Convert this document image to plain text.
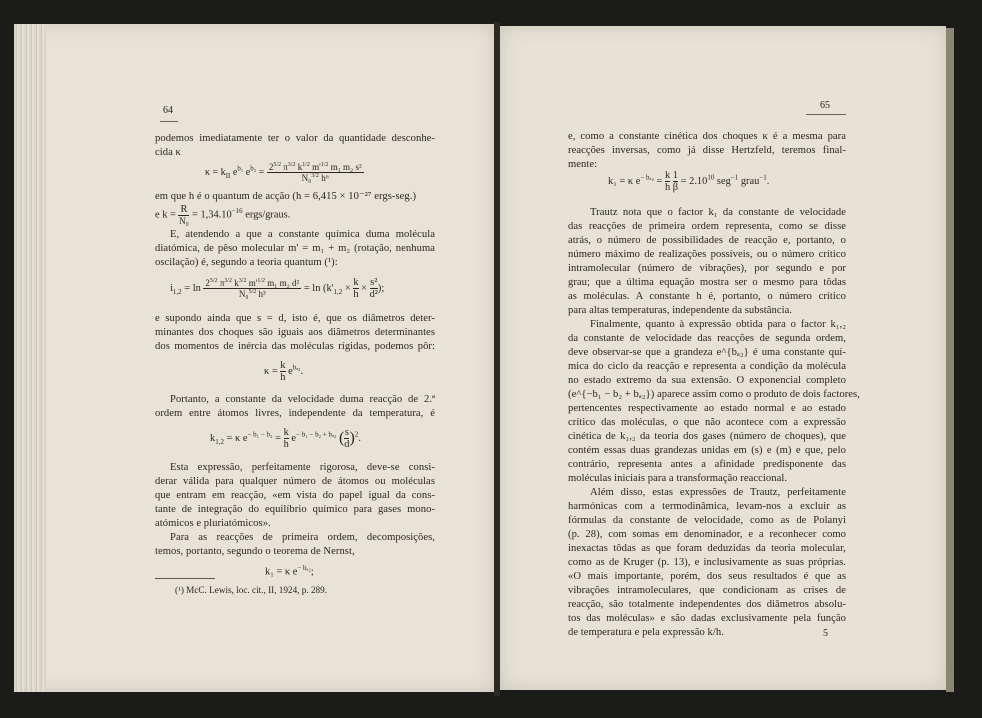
64
podemos imediatamente ter o valor da quantidade desconhe-
cida κ
$\kappa = k_{II}$ $e^{b_1}$ $e^{b_2} = \frac{2^{5/2} \pi^{3/2} k^{1/2} m'^{1/2} m_1 m_2 s^2}{N_0^{3/2} h^6}$
em que h é o quantum de acção (h = 6,415 × 10⁻²⁷ ergs-seg.)
e $k = \frac{R}{\text{N₀}} = 1,34.10^{-16}$ ergs/graus.
E, atendendo a que a constante química duma molécula
diatómica, de pêso molecular m' = m₁ + m₂ (rotação, nenhuma
oscilação) é, segundo a teoria quantum (¹):
$i_{1,2} = \ln \frac{2^{5/2} \pi^{3/2} k^{3/2} m'^{1/2} m_1 m_2 d^2}{N_0^{5/2} h^3} = \ln (k'_{1,2} \times \frac{k}{h} \times \frac{\text{s²}}{\text{d²}}$ );
e supondo ainda que s = d, isto é, que os diâmetros deter-
minantes dos choques são iguais aos diâmetros determinantes
dos momentos de inércia das moléculas rígidas, podemos pôr:
$\kappa = \frac{k}{h} e^{b_{a2}}$.
Portanto, a constante da velocidade duma reacção de 2.ª
ordem entre átomos livres, independente da temperatura, é
$k_{1,2} = \kappa$ $e^{- b_1 - b_2} = \frac{k}{h} e^{- b_1 - b_2 + b_{a2}}$ ( $\frac{s}{d} )^2$.
Esta expressão, perfeitamente rigorosa, deve-se consi-
derar válida para qualquer número de átomos ou moléculas
que entram em reacção, «em vista do papel igual da cons-
tante de integração do equilíbrio químico para gases mono-
atómicos e pluriatómicos».
Para as reacções de primeira ordem, decomposições,
temos, portanto, segundo o teorema de Nernst,
k₁ = κ $e^{- b_{a2}}$;
(¹) McC. Lewis, loc. cit., II, 1924, p. 289.
65
e, como a constante cinética dos choques κ é a mesma para
reacções inversas, como já disse Hertzfeld, teremos final-
mente:
k₁ = κ $e^{- b_{a2}} = \frac{k}{h}$
$\frac{1}{\beta} = 2.10^{10}$ seg$^{-1}$ grau$^{-1}$.
Trautz nota que o factor k₁ da constante de velocidade
das reacções de primeira ordem representa, como se disse
atrás, o número de possibilidades de reacção e, portanto, o
número máximo de realizações possíveis, ou o número crítico
intramolecular (número de vibrações), por segundo e por
grau; que a última equação mostra ser o mesmo para tôdas
as moléculas. A constante h é, portanto, o número crítico
para altas temperaturas, independente da substância.
Finalmente, quanto à expressão obtida para o factor k₁,₂
da constante de velocidade das reacções de segunda ordem,
deve observar-se que a grandeza e^{bₐ₂} é uma constante quí-
mica do ciclo da reacção e representa a condição da molécula
no estado extremo da sua extensão. O exponencial completo
(e^{−b₁ − b₂ + bₐ₂}) aparece assim como o produto de dois factores,
pertencentes respectivamente ao estado normal e ao estado
crítico das moléculas, o que não acontece com a expressão
cinética de k₁,₂ da teoria dos gases (número de choques), que
contém essas duas grandezas unidas em (s) e (m) e que, pelo
contrário, representa antes a afinidade predisponente das
moléculas iniciais para a transformação reaccional.
Além disso, estas expressões de Trautz, perfeitamente
harmónicas com a termodinâmica, levam-nos a excluir as
fórmulas da constante de velocidade, como as de Polanyi
(p. 28), com somas em denominador, e a reconhecer como
inexactas tôdas as que foram deduzidas da teoria molecular,
como as de Kruger (p. 13), e inclusivamente as suas próprias.
«O mais importante, porém, dos seus resultados é que as
vibrações intramoleculares, que condicionam as crises de
reacção, são totalmente independentes dos diâmetros absolu-
tos das moléculas» e são dadas exclusivamente pela função
de temperatura e pela expressão k/h.	5
